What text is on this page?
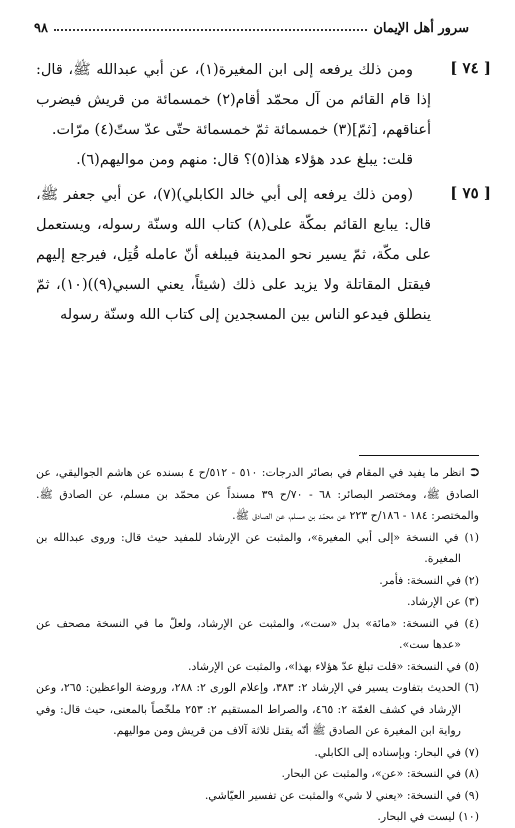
٩٨	سرور أهل الإيمان
[ ٧٤ ]

ومن ذلك يرفعه إلى ابن المغيرة(١)، عن أبي عبدالله ﷺ، قال: إذا قام القائم من آل محمّد أقام(٢) خمسمائة من قريش فيضرب أعناقهم، [ثمّ](٣) خمسمائة ثمّ خمسمائة حتّى عدّ ستّ(٤) مرّات.

قلت: يبلغ عدد هؤلاء هذا(٥)؟ قال: منهم ومن مواليهم(٦).

[ ٧٥ ]

(ومن ذلك يرفعه إلى أبي خالد الكابلي)(٧)، عن أبي جعفر ﷺ، قال: يبايع القائم بمكّة على(٨) كتاب الله وسنّة رسوله، ويستعمل على مكّة، ثمّ يسير نحو المدينة فيبلغه أنّ عامله قُتِل، فيرجع إليهم فيقتل المقاتلة ولا يزيد على ذلك (شيئاً، يعني السبي(٩))(١٠)، ثمّ ينطلق فيدعو الناس بين المسجدين إلى كتاب الله وسنّة رسوله

⮊انظر ما يفيد في المقام في بصائر الدرجات: ٥١٠ - ٥١٢/ح ٤ بسنده عن هاشم الجواليقي، عن الصادق ﷺ، ومختصر البصائر: ٦٨ - ٧٠/ح ٣٩ مسنداً عن محمّد بن مسلم، عن الصادق ﷺ. والمختصر: ١٨٤ - ١٨٦/ح ٢٢٣ عن محمّد بن مسلم، عن الصادق ﷺ.

(١) في النسخة «إلى أبي المغيرة»، والمثبت عن الإرشاد للمفيد حيث قال: وروى عبدالله بن المغيرة.

(٢) في النسخة: فأمر.

(٣) عن الإرشاد.

(٤) في النسخة: «مائة» بدل «ست»، والمثبت عن الإرشاد، ولعلّ ما في النسخة مصحف عن «عدها ست».

(٥) في النسخة: «قلت تبلغ عدّ هؤلاء بهذا»، والمثبت عن الإرشاد.

(٦) الحديث بتفاوت يسير في الإرشاد ٢: ٣٨٣، وإعلام الورى ٢: ٢٨٨، وروضة الواعظين: ٢٦٥، وعن الإرشاد في كشف الغمّة ٢: ٤٦٥، والصراط المستقيم ٢: ٢٥٣ ملخّصاً بالمعنى، حيث قال: وفي رواية ابن المغيرة عن الصادق ﷺ أنّه يقتل ثلاثة آلاف من قريش ومن مواليهم.

(٧) في البحار: وبإسناده إلى الكابلي.

(٨) في النسخة: «عن»، والمثبت عن البحار.

(٩) في النسخة: «يعني لا شي» والمثبت عن تفسير العيّاشي.

(١٠) ليست في البحار.
